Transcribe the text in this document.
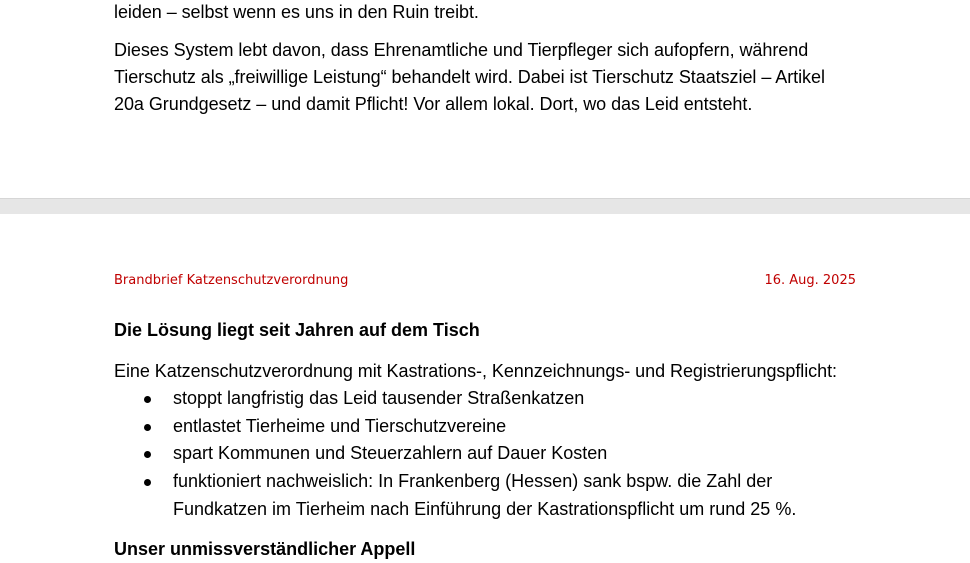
leiden – selbst wenn es uns in den Ruin treibt.

Dieses System lebt davon, dass Ehrenamtliche und Tierpfleger sich aufopfern, während Tierschutz als „freiwillige Leistung“ behandelt wird. Dabei ist Tierschutz Staatsziel – Artikel 20a Grundgesetz – und damit Pflicht! Vor allem lokal. Dort, wo das Leid entsteht.

Brandbrief Katzenschutzverordnung	16. Aug. 2025

Die Lösung liegt seit Jahren auf dem Tisch

Eine Katzenschutzverordnung mit Kastrations-, Kennzeichnungs- und Registrierungspflicht:

stoppt langfristig das Leid tausender Straßenkatzen
entlastet Tierheime und Tierschutzvereine
spart Kommunen und Steuerzahlern auf Dauer Kosten
funktioniert nachweislich: In Frankenberg (Hessen) sank bspw. die Zahl der Fundkatzen im Tierheim nach Einführung der Kastrationspflicht um rund 25 %.
Unser unmissverständlicher Appell
